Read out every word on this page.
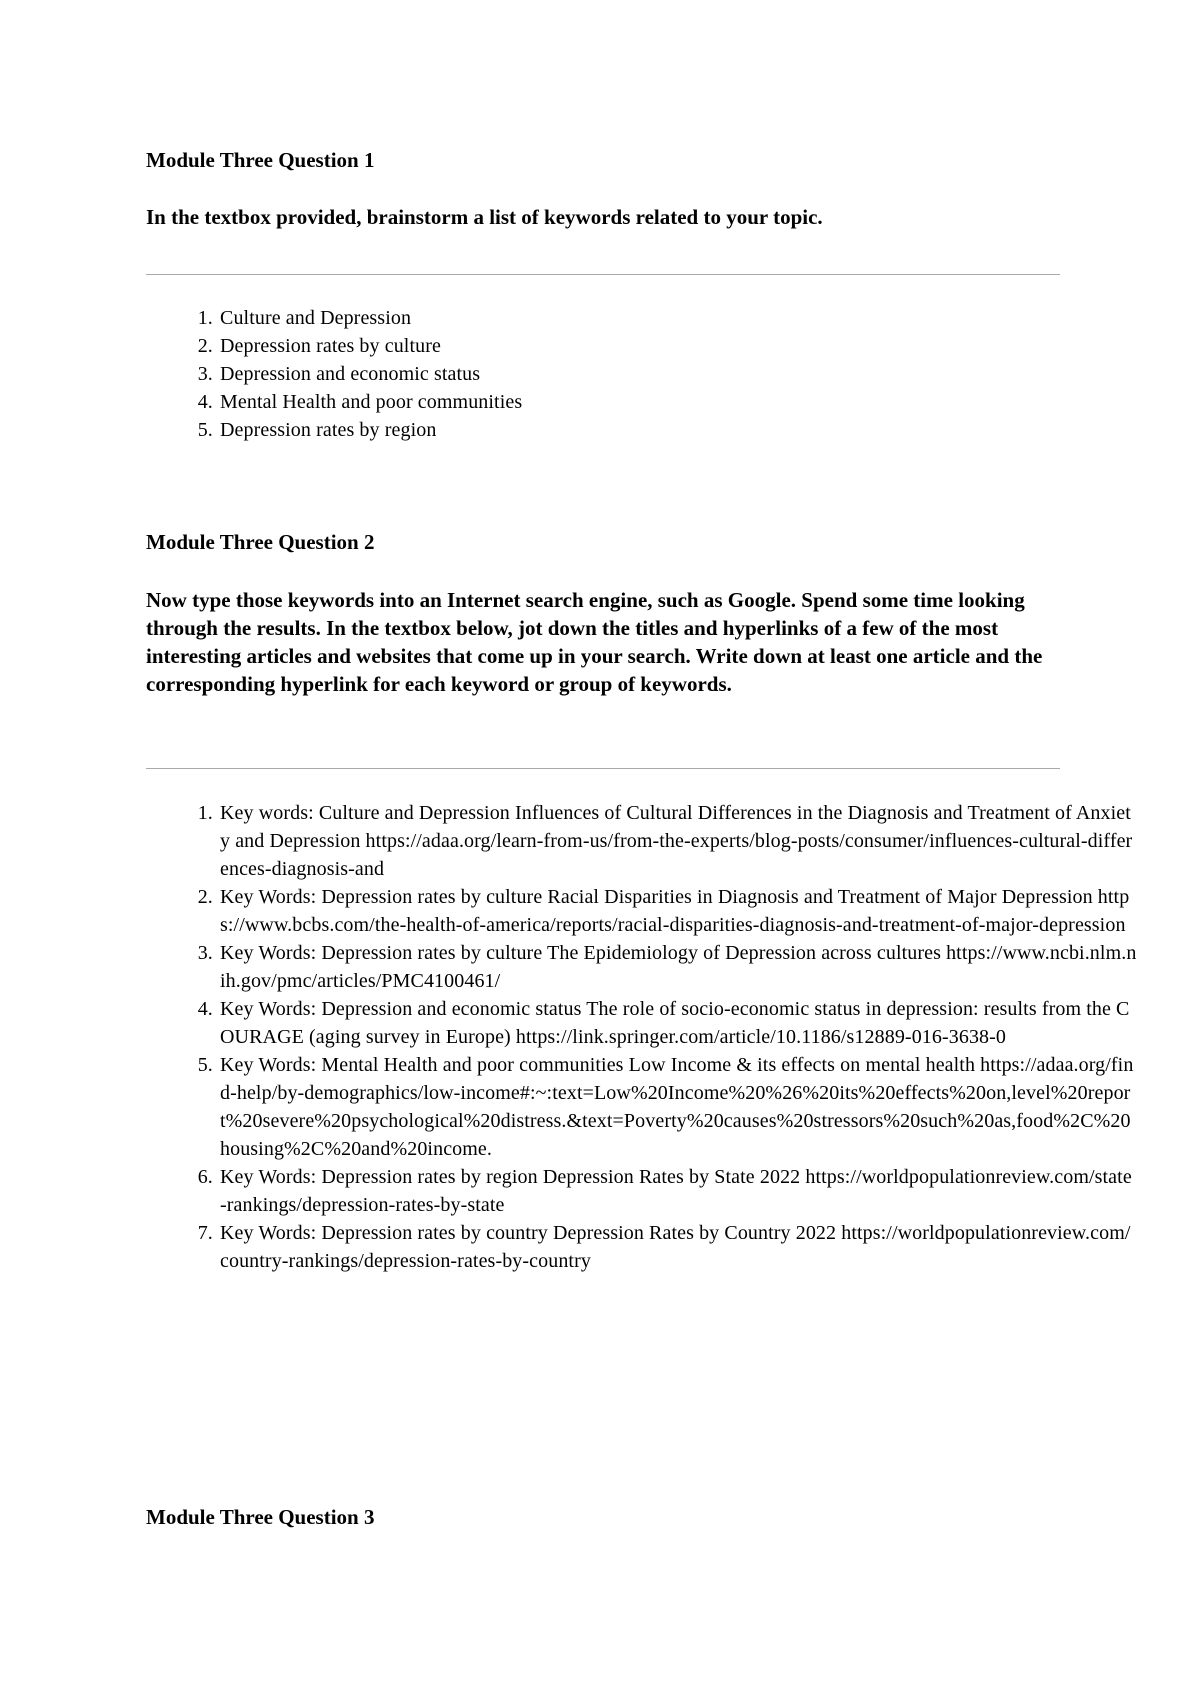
Module Three Question 1

In the textbox provided, brainstorm a list of keywords related to your topic.

1. Culture and Depression
2. Depression rates by culture
3. Depression and economic status
4. Mental Health and poor communities
5. Depression rates by region
Module Three Question 2

Now type those keywords into an Internet search engine, such as Google. Spend some time looking through the results. In the textbox below, jot down the titles and hyperlinks of a few of the most interesting articles and websites that come up in your search. Write down at least one article and the corresponding hyperlink for each keyword or group of keywords.

1. Key words: Culture and Depression Influences of Cultural Differences in the Diagnosis and Treatment of Anxiety and Depression https://adaa.org/learn-from-us/from-the-experts/blog-posts/consumer/influences-cultural-differences-diagnosis-and
2. Key Words: Depression rates by culture Racial Disparities in Diagnosis and Treatment of Major Depression https://www.bcbs.com/the-health-of-america/reports/racial-disparities-diagnosis-and-treatment-of-major-depression
3. Key Words: Depression rates by culture The Epidemiology of Depression across cultures https://www.ncbi.nlm.nih.gov/pmc/articles/PMC4100461/
4. Key Words: Depression and economic status The role of socio-economic status in depression: results from the COURAGE (aging survey in Europe) https://link.springer.com/article/10.1186/s12889-016-3638-0
5. Key Words: Mental Health and poor communities Low Income & its effects on mental health https://adaa.org/find-help/by-demographics/low-income#:~:text=Low%20Income%20%26%20its%20effects%20on,level%20report%20severe%20psychological%20distress.&text=Poverty%20causes%20stressors%20such%20as,food%2C%20housing%2C%20and%20income.
6. Key Words: Depression rates by region Depression Rates by State 2022 https://worldpopulationreview.com/state-rankings/depression-rates-by-state
7. Key Words: Depression rates by country Depression Rates by Country 2022 https://worldpopulationreview.com/country-rankings/depression-rates-by-country
Module Three Question 3
